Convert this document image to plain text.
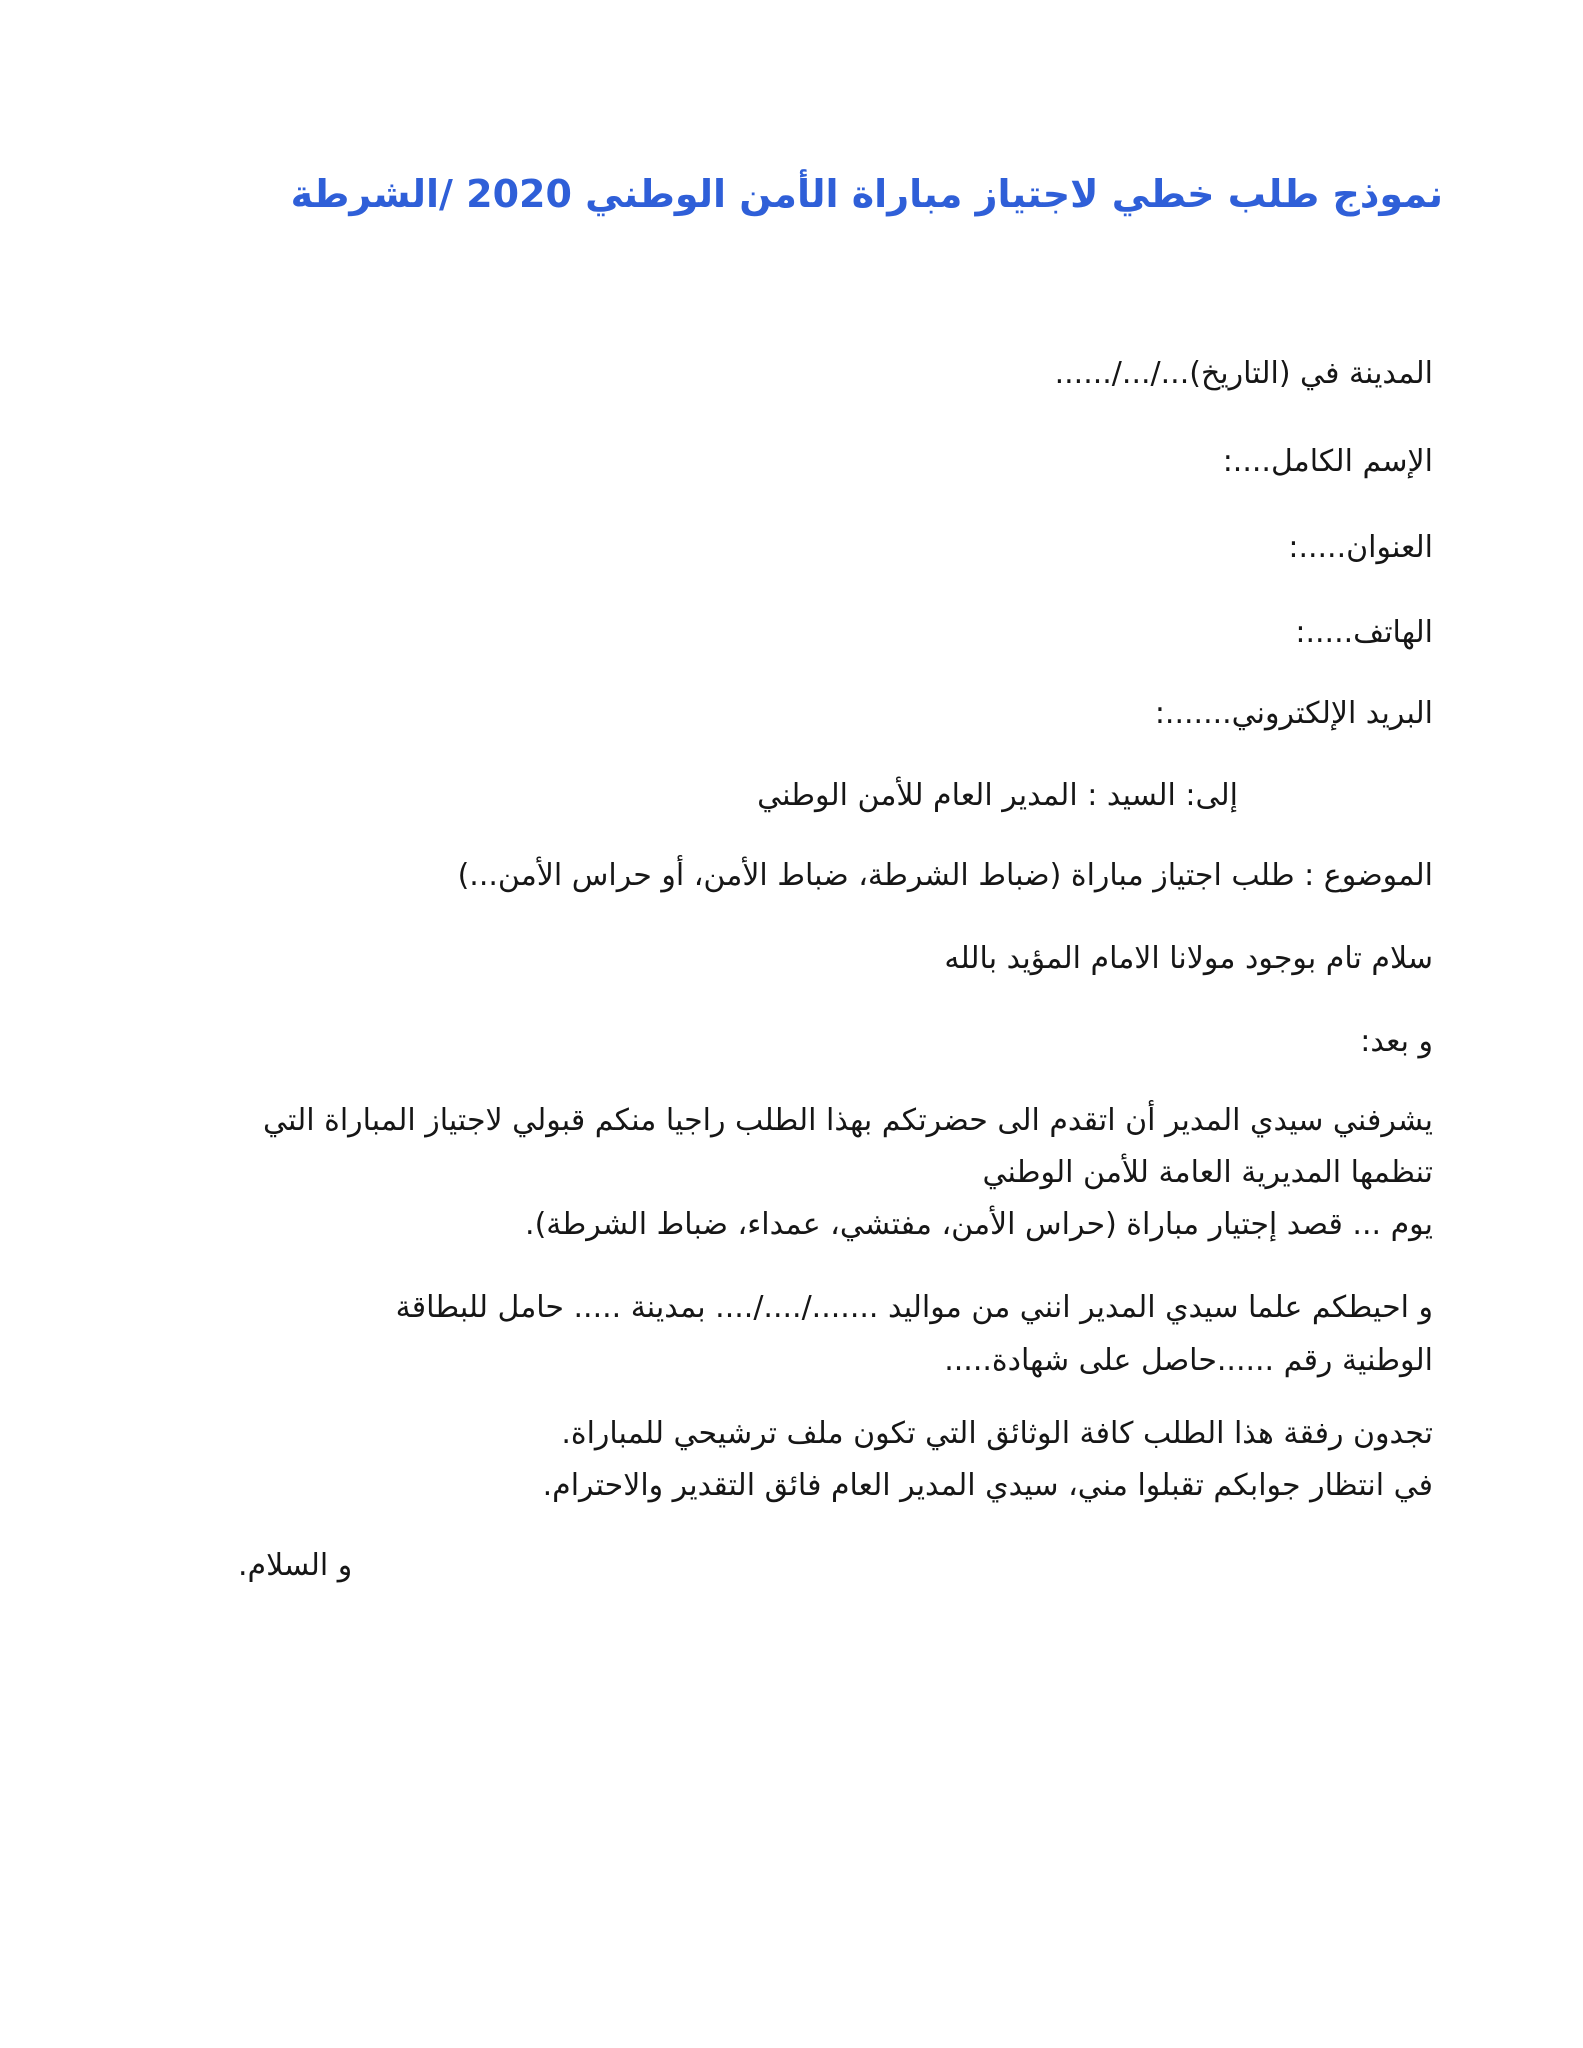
نموذج طلب خطي لاجتياز مباراة الأمن الوطني 2020 /الشرطة
المدينة في (التاريخ).../.../......
الإسم الكامل....:
العنوان.....:
الهاتف.....:
البريد الإلكتروني.......:
إلى: السيد : المدير العام للأمن الوطني
الموضوع : طلب اجتياز مباراة (ضباط الشرطة، ضباط الأمن، أو حراس الأمن...)
سلام تام بوجود مولانا الامام المؤيد بالله
و بعد:
يشرفني سيدي المدير أن اتقدم الى حضرتكم بهذا الطلب راجيا منكم قبولي لاجتياز المباراة التي
تنظمها المديرية العامة للأمن الوطني
يوم ... قصد إجتيار مباراة (حراس الأمن، مفتشي، عمداء، ضباط الشرطة).
و احيطكم علما سيدي المدير انني من مواليد ......./..../.... بمدينة ..... حامل للبطاقة
الوطنية رقم ......حاصل على شهادة.....
تجدون رفقة هذا الطلب كافة الوثائق التي تكون ملف ترشيحي للمباراة.
في انتظار جوابكم تقبلوا مني، سيدي المدير العام فائق التقدير والاحترام.
و السلام.
